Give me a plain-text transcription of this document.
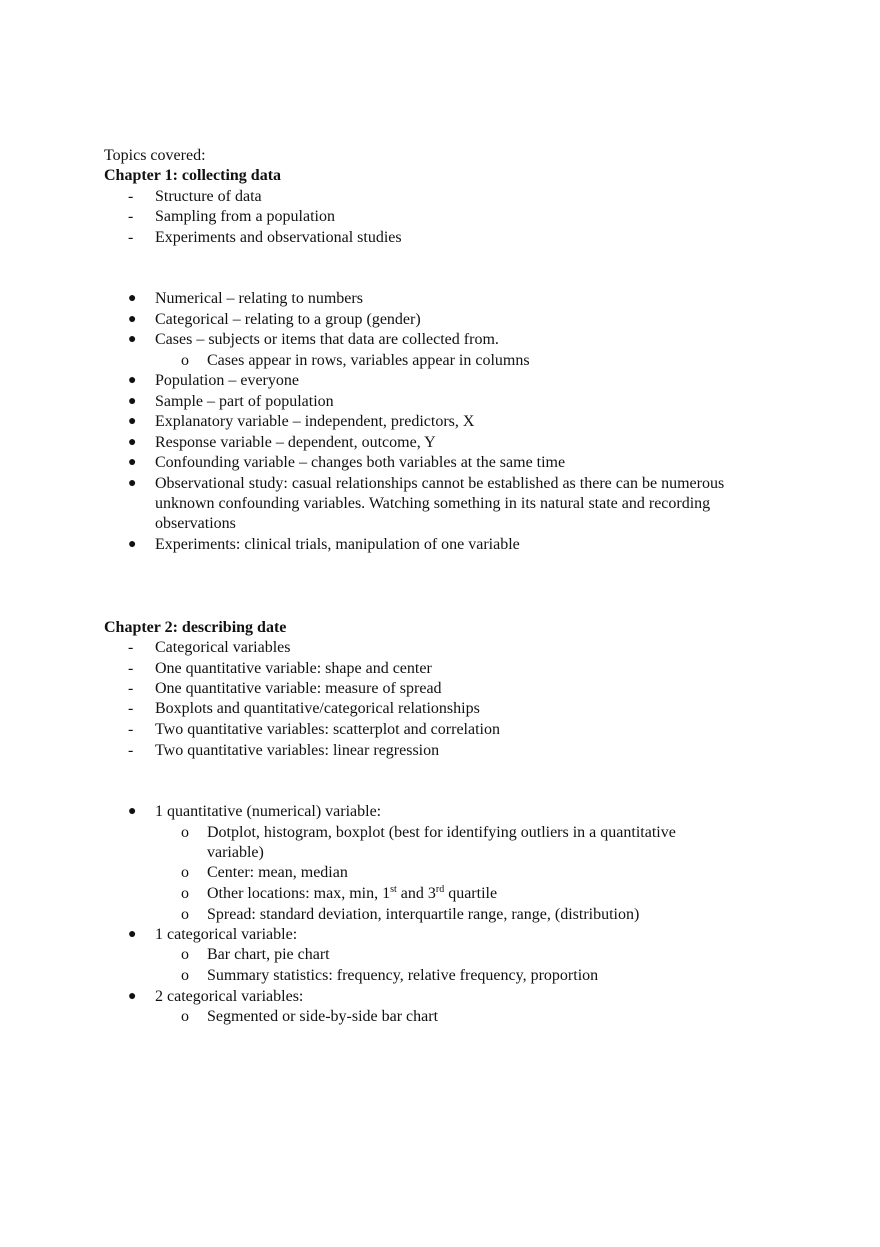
Topics covered:
Chapter 1: collecting data
- Structure of data
- Sampling from a population
- Experiments and observational studies
● Numerical – relating to numbers
● Categorical – relating to a group (gender)
● Cases – subjects or items that data are collected from.
o Cases appear in rows, variables appear in columns
● Population – everyone
● Sample – part of population
● Explanatory variable – independent, predictors, X
● Response variable – dependent, outcome, Y
● Confounding variable – changes both variables at the same time
● Observational study: casual relationships cannot be established as there can be numerous
unknown confounding variables. Watching something in its natural state and recording
observations
● Experiments: clinical trials, manipulation of one variable
Chapter 2: describing date
- Categorical variables
- One quantitative variable: shape and center
- One quantitative variable: measure of spread
- Boxplots and quantitative/categorical relationships
- Two quantitative variables: scatterplot and correlation
- Two quantitative variables: linear regression
● 1 quantitative (numerical) variable:
o Dotplot, histogram, boxplot (best for identifying outliers in a quantitative
variable)
o Center: mean, median
o Other locations: max, min, 1st and 3rd quartile
o Spread: standard deviation, interquartile range, range, (distribution)
● 1 categorical variable:
o Bar chart, pie chart
o Summary statistics: frequency, relative frequency, proportion
● 2 categorical variables:
o Segmented or side-by-side bar chart
